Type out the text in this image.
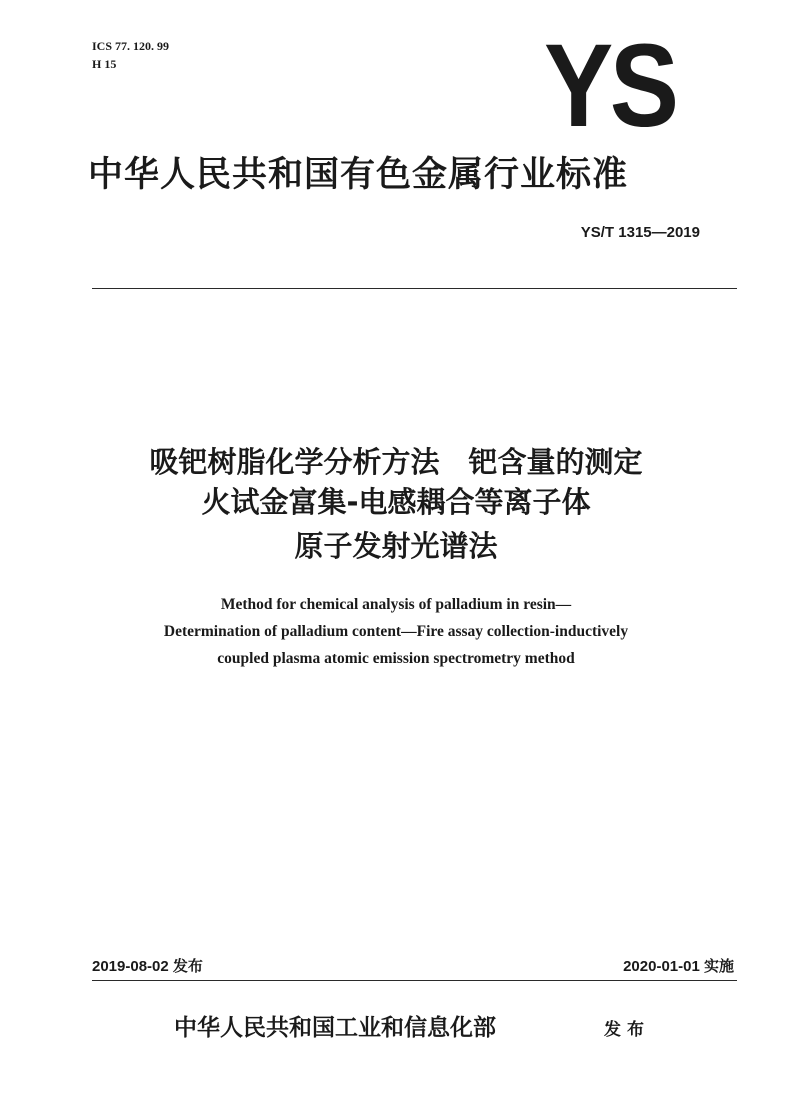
ICS 77. 120. 99
H 15	YS
中华人民共和国有色金属行业标准
YS/T 1315—2019
吸钯树脂化学分析方法　钯含量的测定
火试金富集-电感耦合等离子体
原子发射光谱法
Method for chemical analysis of palladium in resin—
Determination of palladium content—Fire assay collection-inductively
coupled plasma atomic emission spectrometry method
2019-08-02 发布	2020-01-01 实施
中华人民共和国工业和信息化部	发布
